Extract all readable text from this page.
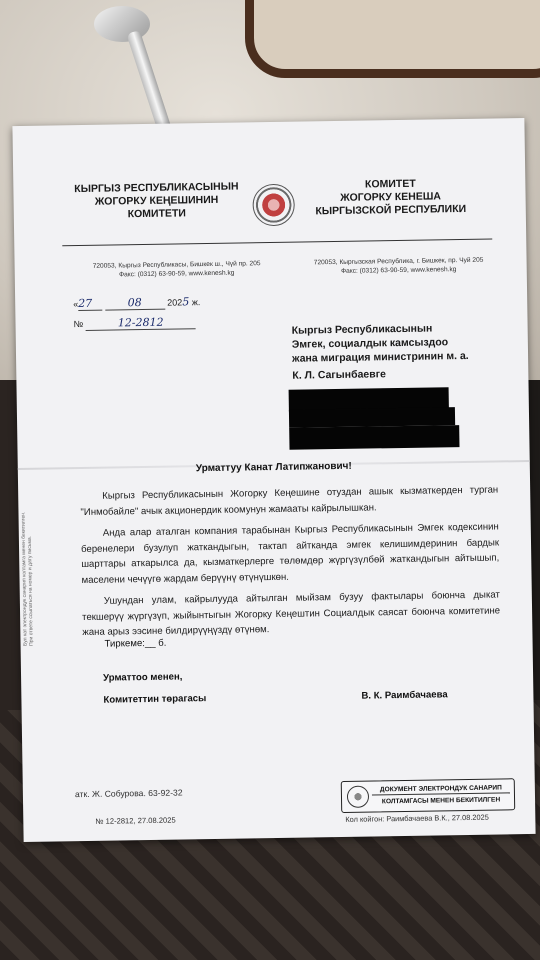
КЫРГЫЗ РЕСПУБЛИКАСЫНЫН
ЖОГОРКУ КЕҢЕШИНИН
КОМИТЕТИ
КОМИТЕТ
ЖОГОРКУ КЕНЕША
КЫРГЫЗСКОЙ РЕСПУБЛИКИ
720053, Кыргыз Республикасы, Бишкек ш., Чүй пр. 205
Факс: (0312) 63-90-59, www.kenesh.kg
720053, Кыргызская Республика, г. Бишкек, пр. Чуй 205
Факс: (0312) 63-90-59, www.kenesh.kg
«27	08	2025 ж.
№	12-2812	Кыргыз Республикасынын
Эмгек, социалдык камсыздоо
жана миграция министринин м. а.
К. Л. Сагынбаевге
Урматтуу Канат Латипжанович!
Бул кат электрондук санарип колтамга менен бекитилген. При ответе ссылаться на номер и дату письма.

Кыргыз Республикасынын Жогорку Кеңешине отуздан ашык кызматкерден турган "Инмобайле" ачык акционердик коомунун жамааты кайрылышкан.

Анда алар аталган компания тарабынан Кыргыз Республикасынын Эмгек кодексинин беренелери бузулуп жаткандыгын, тактап айтканда эмгек келишимдеринин бардык шарттары аткарылса да, кызматкерлерге төлөмдөр жүргүзүлбөй жаткандыгын айтышып, маселени чечүүгө жардам берүүнү өтүнүшкөн.

Ушундан улам, кайрылууда айтылган мыйзам бузуу фактылары боюнча дыкат текшерүү жүргүзүп, жыйынтыгын Жогорку Кеңештин Социалдык саясат боюнча комитетине жана арыз ээсине билдирүүңүздү өтүнөм.

Тиркеме:__ б.
Урматтоо менен,
Комитеттин төрагасы	В. К. Раимбачаева
атк. Ж. Собурова. 63-92-32
№ 12-2812, 27.08.2025
ДОКУМЕНТ ЭЛЕКТРОНДУК САНАРИП
КОЛТАМГАСЫ МЕНЕН БЕКИТИЛГЕН
Кол койгон: Раимбачаева В.К., 27.08.2025
